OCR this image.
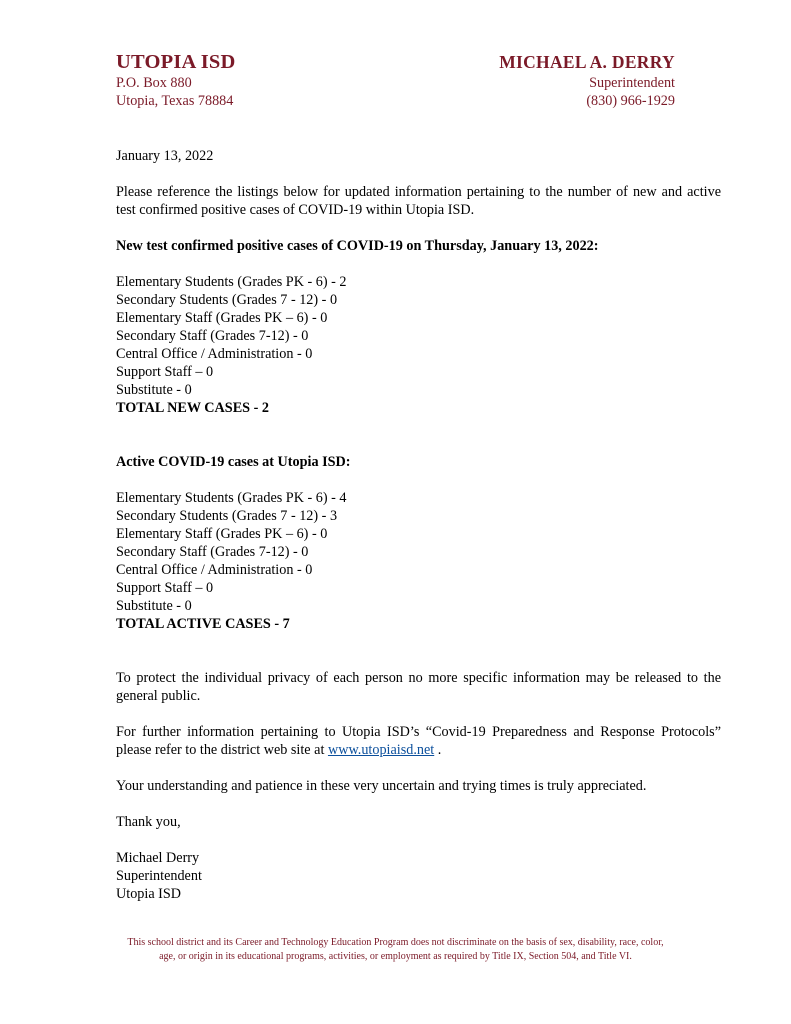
UTOPIA ISD
P.O. Box 880
Utopia, Texas 78884
MICHAEL A. DERRY
Superintendent
(830) 966-1929

January 13, 2022

Please reference the listings below for updated information pertaining to the number of new and active test confirmed positive cases of COVID-19 within Utopia ISD.

New test confirmed positive cases of COVID-19 on Thursday, January 13, 2022:

Elementary Students (Grades PK - 6) - 2

Secondary Students (Grades 7 - 12) - 0

Elementary Staff (Grades PK – 6) - 0

Secondary Staff (Grades 7-12) - 0

Central Office / Administration - 0

Support Staff – 0

Substitute - 0

TOTAL NEW CASES - 2

Active COVID-19 cases at Utopia ISD:

Elementary Students (Grades PK - 6) - 4

Secondary Students (Grades 7 - 12) - 3

Elementary Staff (Grades PK – 6) - 0

Secondary Staff (Grades 7-12) - 0

Central Office / Administration - 0

Support Staff – 0

Substitute - 0

TOTAL ACTIVE CASES - 7

To protect the individual privacy of each person no more specific information may be released to the general public.

For further information pertaining to Utopia ISD’s “Covid-19 Preparedness and Response Protocols” please refer to the district web site at www.utopiaisd.net .

Your understanding and patience in these very uncertain and trying times is truly appreciated.

Thank you,

Michael Derry

Superintendent

Utopia ISD

This school district and its Career and Technology Education Program does not discriminate on the basis of sex, disability, race, color,
age, or origin in its educational programs, activities, or employment as required by Title IX, Section 504, and Title VI.
